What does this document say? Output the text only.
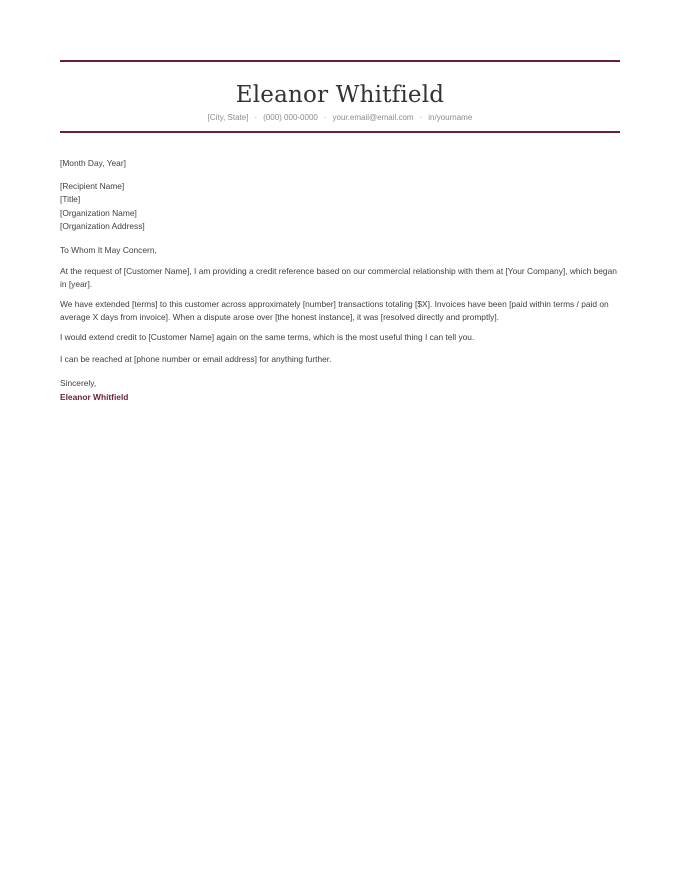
Eleanor Whitfield
[City, State] · (000) 000-0000 · your.email@email.com · in/yourname
[Month Day, Year]
[Recipient Name]
[Title]
[Organization Name]
[Organization Address]
To Whom It May Concern,
At the request of [Customer Name], I am providing a credit reference based on our commercial relationship with them at [Your Company], which began in [year].
We have extended [terms] to this customer across approximately [number] transactions totaling [$X]. Invoices have been [paid within terms / paid on average X days from invoice]. When a dispute arose over [the honest instance], it was [resolved directly and promptly].
I would extend credit to [Customer Name] again on the same terms, which is the most useful thing I can tell you.
I can be reached at [phone number or email address] for anything further.
Sincerely,
Eleanor Whitfield
